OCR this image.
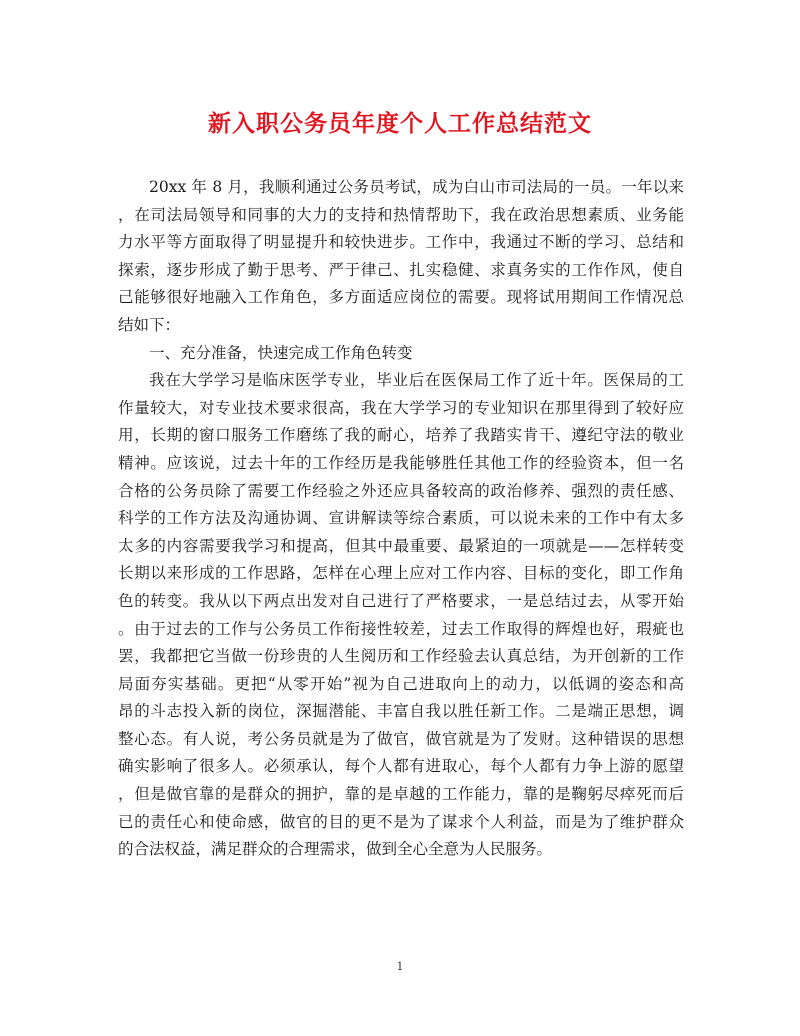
新入职公务员年度个人工作总结范文
20xx 年 8 月，我顺利通过公务员考试，成为白山市司法局的一员。一年以来
，在司法局领导和同事的大力的支持和热情帮助下，我在政治思想素质、业务能
力水平等方面取得了明显提升和较快进步。工作中，我通过不断的学习、总结和
探索，逐步形成了勤于思考、严于律己、扎实稳健、求真务实的工作作风，使自
己能够很好地融入工作角色，多方面适应岗位的需要。现将试用期间工作情况总
结如下：
一、充分准备，快速完成工作角色转变
我在大学学习是临床医学专业，毕业后在医保局工作了近十年。医保局的工
作量较大，对专业技术要求很高，我在大学学习的专业知识在那里得到了较好应
用，长期的窗口服务工作磨练了我的耐心，培养了我踏实肯干、遵纪守法的敬业
精神。应该说，过去十年的工作经历是我能够胜任其他工作的经验资本，但一名
合格的公务员除了需要工作经验之外还应具备较高的政治修养、强烈的责任感、
科学的工作方法及沟通协调、宣讲解读等综合素质，可以说未来的工作中有太多
太多的内容需要我学习和提高，但其中最重要、最紧迫的一项就是——怎样转变
长期以来形成的工作思路，怎样在心理上应对工作内容、目标的变化，即工作角
色的转变。我从以下两点出发对自己进行了严格要求，一是总结过去，从零开始
。由于过去的工作与公务员工作衔接性较差，过去工作取得的辉煌也好，瑕疵也
罢，我都把它当做一份珍贵的人生阅历和工作经验去认真总结，为开创新的工作
局面夯实基础。更把“从零开始”视为自己进取向上的动力，以低调的姿态和高
昂的斗志投入新的岗位，深掘潜能、丰富自我以胜任新工作。二是端正思想，调
整心态。有人说，考公务员就是为了做官，做官就是为了发财。这种错误的思想
确实影响了很多人。必须承认，每个人都有进取心，每个人都有力争上游的愿望
，但是做官靠的是群众的拥护，靠的是卓越的工作能力，靠的是鞠躬尽瘁死而后
已的责任心和使命感，做官的目的更不是为了谋求个人利益，而是为了维护群众
的合法权益，满足群众的合理需求，做到全心全意为人民服务。
1
